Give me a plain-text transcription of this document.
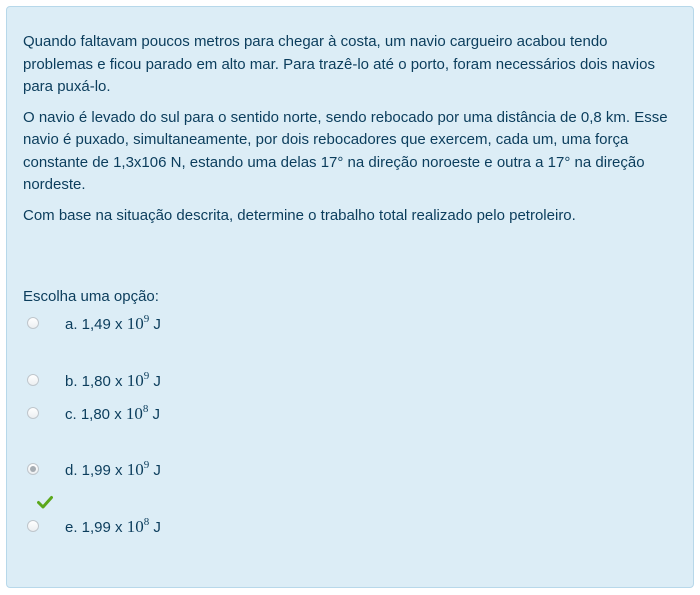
Quando faltavam poucos metros para chegar à costa, um navio cargueiro acabou tendo problemas e ficou parado em alto mar. Para trazê-lo até o porto, foram necessários dois navios para puxá-lo.

O navio é levado do sul para o sentido norte, sendo rebocado por uma distância de 0,8 km. Esse navio é puxado, simultaneamente, por dois rebocadores que exercem, cada um, uma força constante de 1,3x106 N, estando uma delas 17° na direção noroeste e outra a 17° na direção nordeste.

Com base na situação descrita, determine o trabalho total realizado pelo petroleiro.

Escolha uma opção:
a. 1,49 x $10^9$ J
b. 1,80 x $10^9$ J
c. 1,80 x $10^8$ J
d. 1,99 x $10^9$ J
e. 1,99 x $10^8$ J
